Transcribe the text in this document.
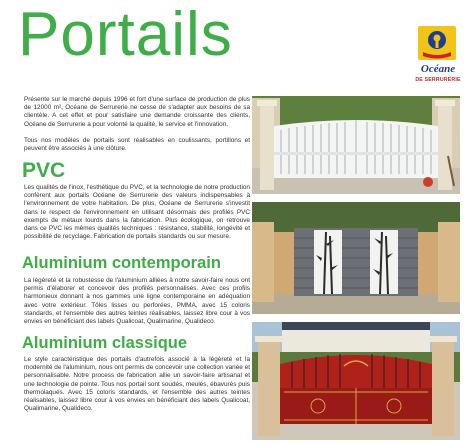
Portails	Océane
DE SERRURERIE

Présente sur le marché depuis 1996 et fort d'une surface de production de plus de 12000 m², Océane de Serrurerie ne cesse de s'adapter aux besoins de sa clientèle. A cet effet et pour satisfaire une demande croissante des clients, Océane de Serrurerie a pour volonté la qualité, le service et l'innovation.

Tous nos modèles de portails sont réalisables en coulissants, portillons et peuvent être associés à une clôture.

PVC

Les qualités de l'inox, l'esthétique du PVC, et la technologie de notre production confèrent aux portails Océane de Serrurerie des valeurs indispensables à l'environnement de votre habitation. De plus, Océane de Serrurerie s'investit dans le respect de l'environnement en utilisant désormais des profilés PVC exempts de métaux lourds dans la fabrication. Plus écologique, on retrouve dans ce PVC les mêmes qualités techniques : résistance, stabilité, longévité et possibilité de recyclage. Fabrication de portails standards ou sur mesure.

Aluminium contemporain

La légèreté et la robustesse de l'aluminium alliées à notre savoir-faire nous ont permis d'élaborer et concevoir des profilés personnalisés. Avec ces profils harmonieux donnant à nos gammes une ligne contemporaine en adéquation avec votre extérieur. Tôles lisses ou perforées, PMMA, avec 15 coloris standards, et l'ensemble des autres teintes réalisables, laissez libre cour à vos envies en bénéficiant des labels Qualicoat, Qualimarine, Qualideco.

Aluminium classique

Le style caractéristique des portails d'autrefois associé à la légèreté et la modernité de l'aluminium, nous ont permis de concevoir une collection variée et personnalisable. Notre process de fabrication allie un savoir-faire artisanal et une technologie de pointe. Tous nos portail sont soudés, meulés, ébavurés puis thermolaqués. Avec 15 coloris standards, et l'ensemble des autres teintes réalisables, laissez libre cour à vos envies en bénéficiant des labels Qualicoat, Qualimarine, Qualideco.
